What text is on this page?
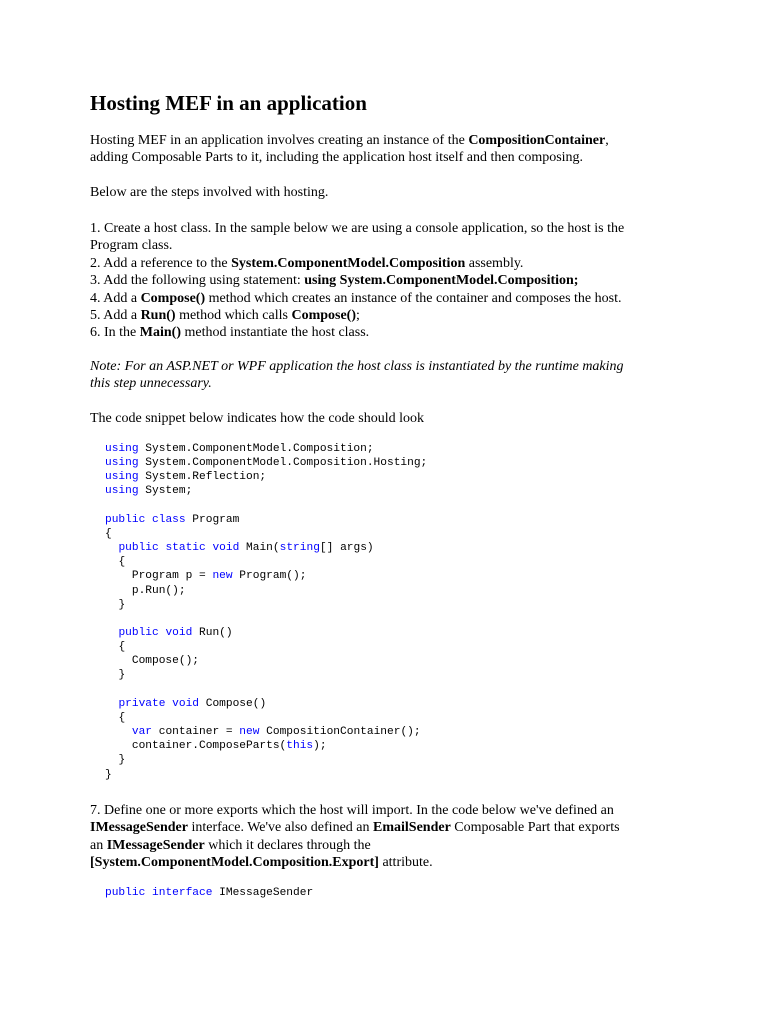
Hosting MEF in an application

Hosting MEF in an application involves creating an instance of the CompositionContainer,
adding Composable Parts to it, including the application host itself and then composing.

Below are the steps involved with hosting.

1. Create a host class. In the sample below we are using a console application, so the host is the
Program class.
2. Add a reference to the System.ComponentModel.Composition assembly.
3. Add the following using statement: using System.ComponentModel.Composition;
4. Add a Compose() method which creates an instance of the container and composes the host.
5. Add a Run() method which calls Compose();
6. In the Main() method instantiate the host class.

Note: For an ASP.NET or WPF application the host class is instantiated by the runtime making
this step unnecessary.

The code snippet below indicates how the code should look

using System.ComponentModel.Composition;
using System.ComponentModel.Composition.Hosting;
using System.Reflection;
using System;
public class Program
{
public static void Main(string[] args)
{
Program p = new Program();
p.Run();
}
public void Run()
{
Compose();
}
private void Compose()
{
var container = new CompositionContainer();
container.ComposeParts(this);
}
}

7. Define one or more exports which the host will import. In the code below we've defined an
IMessageSender interface. We've also defined an EmailSender Composable Part that exports
an IMessageSender which it declares through the
[System.ComponentModel.Composition.Export] attribute.

public interface IMessageSender
